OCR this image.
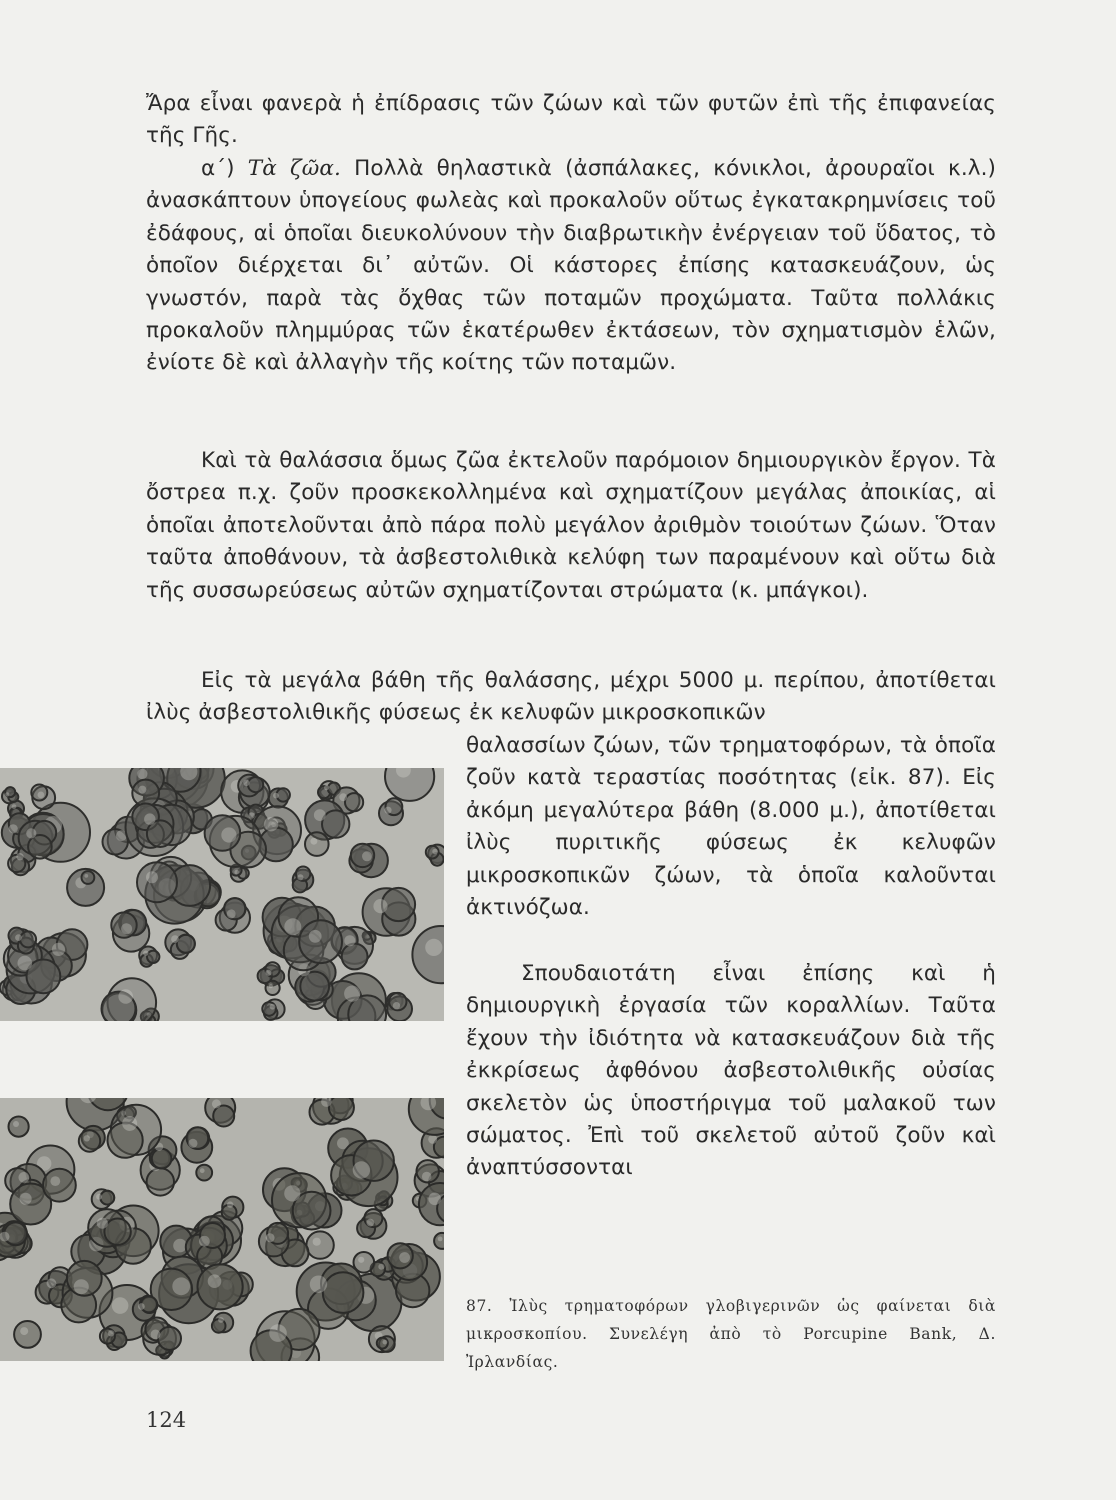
Ἄρα εἶναι φανερὰ ἡ ἐπίδρασις τῶν ζώων καὶ τῶν φυτῶν ἐπὶ τῆς ἐπιφανείας τῆς Γῆς.

α΄) Τὰ ζῶα. Πολλὰ θηλαστικὰ (ἀσπάλακες, κόνικλοι, ἀρουραῖοι κ.λ.) ἀνασκάπτουν ὑπογείους φωλεὰς καὶ προκαλοῦν οὕτως ἐγκατακρημνίσεις τοῦ ἐδάφους, αἱ ὁποῖαι διευκολύνουν τὴν διαβρωτικὴν ἐνέργειαν τοῦ ὕδατος, τὸ ὁποῖον διέρχεται δι᾿ αὐτῶν. Οἱ κάστορες ἐπίσης κατασκευάζουν, ὡς γνωστόν, παρὰ τὰς ὄχθας τῶν ποταμῶν προχώματα. Ταῦτα πολλάκις προκαλοῦν πλημμύρας τῶν ἑκατέρωθεν ἐκτάσεων, τὸν σχηματισμὸν ἑλῶν, ἐνίοτε δὲ καὶ ἀλλαγὴν τῆς κοίτης τῶν ποταμῶν.

Καὶ τὰ θαλάσσια ὅμως ζῶα ἐκτελοῦν παρόμοιον δημιουργικὸν ἔργον. Τὰ ὄστρεα π.χ. ζοῦν προσκεκολλημένα καὶ σχηματίζουν μεγάλας ἀποικίας, αἱ ὁποῖαι ἀποτελοῦνται ἀπὸ πάρα πολὺ μεγάλον ἀριθμὸν τοιούτων ζώων. Ὅταν ταῦτα ἀποθάνουν, τὰ ἀσβεστολιθικὰ κελύφη των παραμένουν καὶ οὕτω διὰ τῆς συσσωρεύσεως αὐτῶν σχηματίζονται στρώματα (κ. μπάγκοι).

Εἰς τὰ μεγάλα βάθη τῆς θαλάσσης, μέχρι 5000 μ. περίπου, ἀποτίθεται ἰλὺς ἀσβεστολιθικῆς φύσεως ἐκ κελυφῶν μικροσκοπικῶν

θαλασσίων ζώων, τῶν τρηματοφόρων, τὰ ὁποῖα ζοῦν κατὰ τεραστίας ποσότητας (εἰκ. 87). Εἰς ἀκόμη μεγαλύτερα βάθη (8.000 μ.), ἀποτίθεται ἰλὺς πυριτικῆς φύσεως ἐκ κελυφῶν μικροσκοπικῶν ζώων, τὰ ὁποῖα καλοῦνται ἀκτινόζωα.

Σπουδαιοτάτη εἶναι ἐπίσης καὶ ἡ δημιουργικὴ ἐργασία τῶν κοραλλίων. Ταῦτα ἔχουν τὴν ἰδιότητα νὰ κατασκευάζουν διὰ τῆς ἐκκρίσεως ἀφθόνου ἀσβεστολιθικῆς οὐσίας σκελετὸν ὡς ὑποστήριγμα τοῦ μαλακοῦ των σώματος. Ἐπὶ τοῦ σκελετοῦ αὐτοῦ ζοῦν καὶ ἀναπτύσσονται

87. Ἰλὺς τρηματοφόρων γλοβιγερινῶν ὡς φαίνεται διὰ μικροσκοπίου. Συνελέγη ἀπὸ τὸ Porcupine Bank, Δ. Ἰρλανδίας.
124
